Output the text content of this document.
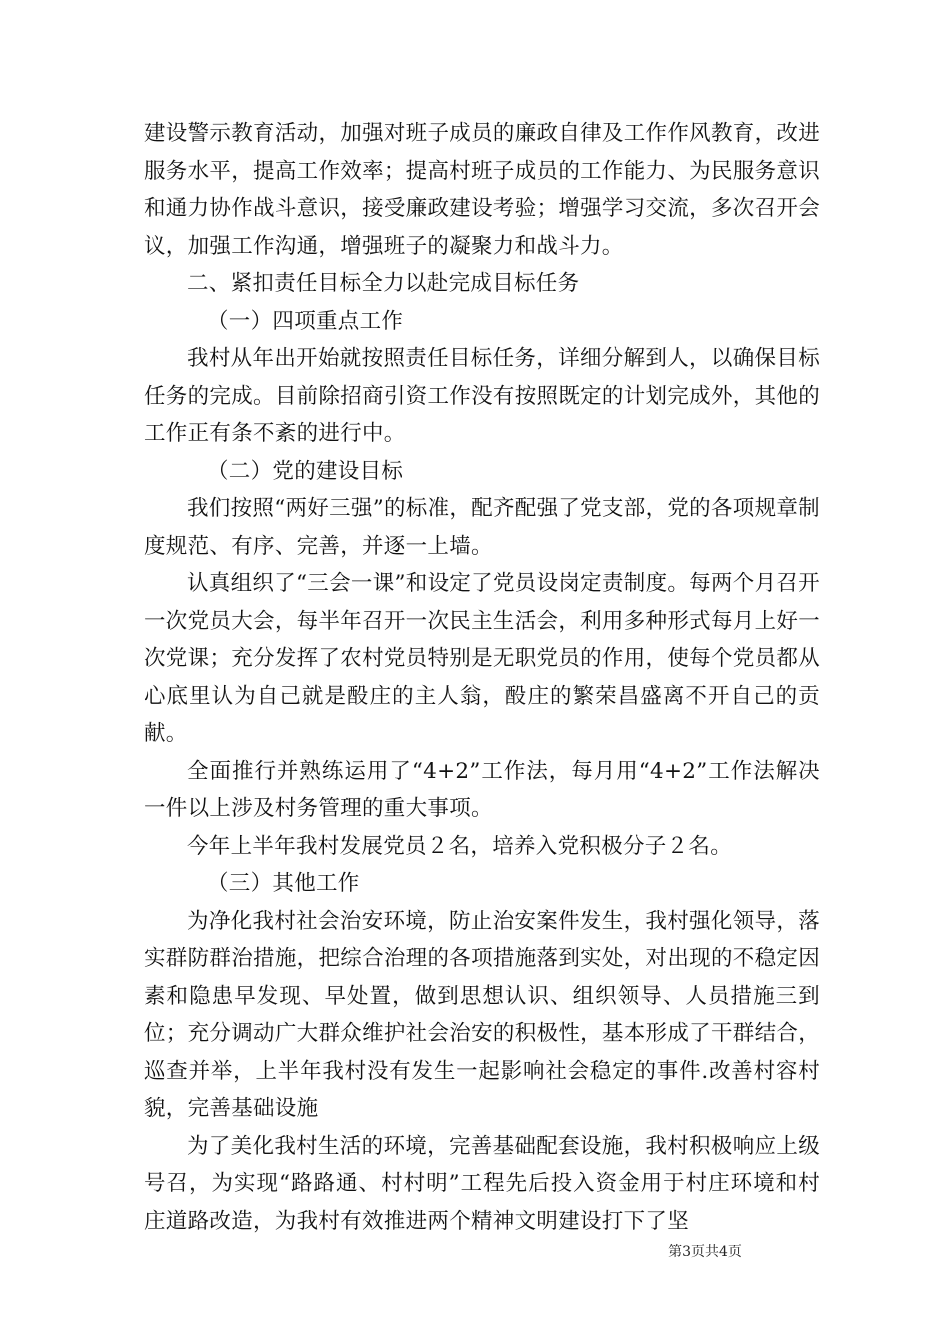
建设警示教育活动，加强对班子成员的廉政自律及工作作风教育，改进服务水平，提高工作效率；提高村班子成员的工作能力、为民服务意识和通力协作战斗意识，接受廉政建设考验；增强学习交流，多次召开会议，加强工作沟通，增强班子的凝聚力和战斗力。

二、紧扣责任目标全力以赴完成目标任务

（一）四项重点工作

我村从年出开始就按照责任目标任务，详细分解到人，以确保目标任务的完成。目前除招商引资工作没有按照既定的计划完成外，其他的工作正有条不紊的进行中。

（二）党的建设目标

我们按照“两好三强”的标准，配齐配强了党支部，党的各项规章制度规范、有序、完善，并逐一上墙。

认真组织了“三会一课”和设定了党员设岗定责制度。每两个月召开一次党员大会，每半年召开一次民主生活会，利用多种形式每月上好一次党课；充分发挥了农村党员特别是无职党员的作用，使每个党员都从心底里认为自己就是酘庄的主人翁，酘庄的繁荣昌盛离不开自己的贡献。

全面推行并熟练运用了“4+2”工作法，每月用“4+2”工作法解决一件以上涉及村务管理的重大事项。

今年上半年我村发展党员２名，培养入党积极分子２名。

（三）其他工作

为净化我村社会治安环境，防止治安案件发生，我村强化领导，落实群防群治措施，把综合治理的各项措施落到实处，对出现的不稳定因素和隐患早发现、早处置，做到思想认识、组织领导、人员措施三到位；充分调动广大群众维护社会治安的积极性，基本形成了干群结合，巡查并举，上半年我村没有发生一起影响社会稳定的事件.改善村容村貌，完善基础设施

为了美化我村生活的环境，完善基础配套设施，我村积极响应上级号召，为实现“路路通、村村明”工程先后投入资金用于村庄环境和村庄道路改造，为我村有效推进两个精神文明建设打下了坚

第3页共4页
